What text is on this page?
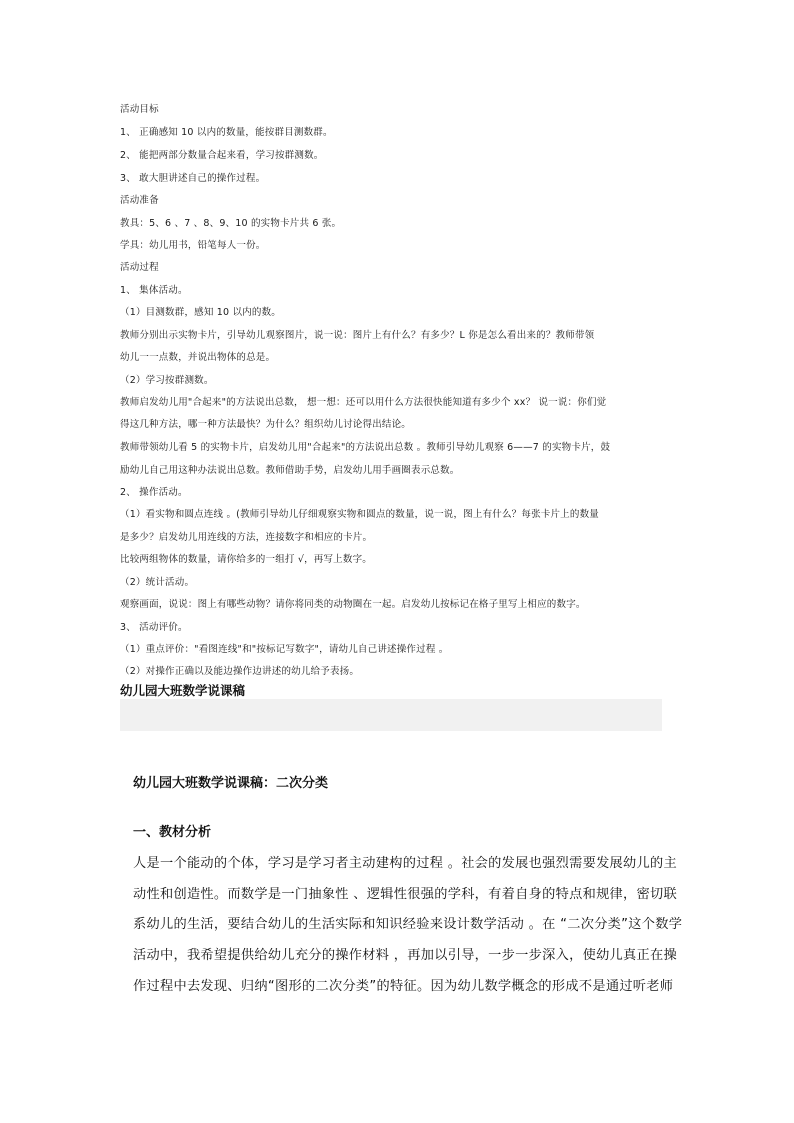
活动目标
1、 正确感知 10 以内的数量，能按群目测数群。
2、 能把两部分数量合起来看，学习按群测数。
3、 敢大胆讲述自己的操作过程。
活动准备
教具：5、6 、7 、8、9、10 的实物卡片共 6 张。
学具：幼儿用书，铅笔每人一份。
活动过程
1、 集体活动。
（1）目测数群，感知 10 以内的数。
教师分别出示实物卡片，引导幼儿观察图片，说一说：图片上有什么？有多少？L 你是怎么看出来的？教师带领
幼儿一一点数，并说出物体的总是。
（2）学习按群测数。
教师启发幼儿用"合起来"的方法说出总数， 想一想：还可以用什么方法很快能知道有多少个 xx？ 说一说：你们觉
得这几种方法，哪一种方法最快？为什么？组织幼儿讨论得出结论。
教师带领幼儿看 5 的实物卡片，启发幼儿用"合起来"的方法说出总数 。教师引导幼儿观察 6——7 的实物卡片，鼓
励幼儿自己用这种办法说出总数。教师借助手势，启发幼儿用手画圈表示总数。
2、 操作活动。
（1）看实物和圆点连线 。(教师引导幼儿仔细观察实物和圆点的数量，说一说，图上有什么？每张卡片上的数量
是多少？启发幼儿用连线的方法，连接数字和相应的卡片。
比较两组物体的数量，请你给多的一组打 √，再写上数字。
（2）统计活动。
观察画面，说说：图上有哪些动物？请你将同类的动物圈在一起。启发幼儿按标记在格子里写上相应的数字。
3、 活动评价。
（1）重点评价："看图连线"和"按标记写数字"，请幼儿自己讲述操作过程 。
（2）对操作正确以及能边操作边讲述的幼儿给予表扬。
幼儿园大班数学说课稿
幼儿园大班数学说课稿：二次分类
一、教材分析
人是一个能动的个体，学习是学习者主动建构的过程 。社会的发展也强烈需要发展幼儿的主
动性和创造性。而数学是一门抽象性 、逻辑性很强的学科，有着自身的特点和规律，密切联
系幼儿的生活，要结合幼儿的生活实际和知识经验来设计数学活动 。在 “二次分类”这个数学
活动中，我希望提供给幼儿充分的操作材料 ，再加以引导，一步一步深入，使幼儿真正在操
作过程中去发现、归纳“图形的二次分类”的特征。因为幼儿数学概念的形成不是通过听老师
